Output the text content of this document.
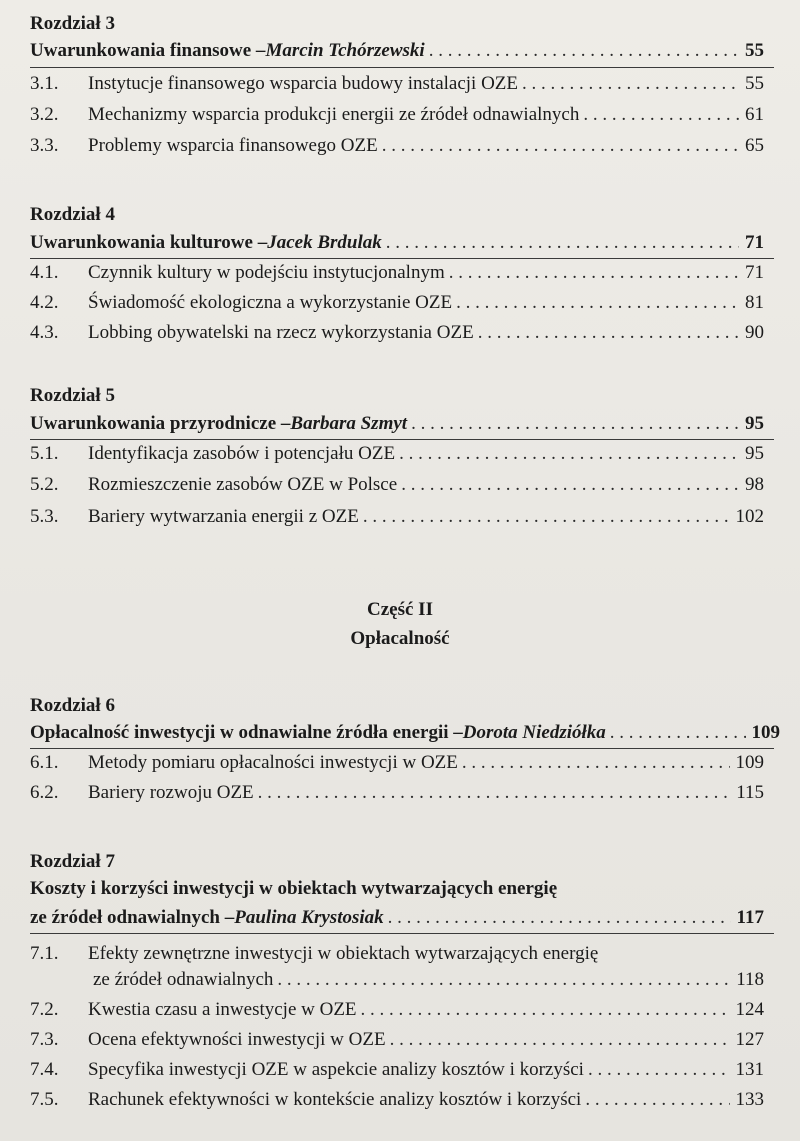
Rozdział 3
Uwarunkowania finansowe – Marcin Tchórzewski . . .	55
3.1. Instytucje finansowego wsparcia budowy instalacji OZE . . .	55
3.2. Mechanizmy wsparcia produkcji energii ze źródeł odnawialnych . . .	61
3.3. Problemy wsparcia finansowego OZE . . .	65
Rozdział 4
Uwarunkowania kulturowe – Jacek Brdulak . . .	71
4.1. Czynnik kultury w podejściu instytucjonalnym . . .	71
4.2. Świadomość ekologiczna a wykorzystanie OZE . . .	81
4.3. Lobbing obywatelski na rzecz wykorzystania OZE . . .	90
Rozdział 5
Uwarunkowania przyrodnicze – Barbara Szmyt . . .	95
5.1. Identyfikacja zasobów i potencjału OZE . . .	95
5.2. Rozmieszczenie zasobów OZE w Polsce . . .	98
5.3. Bariery wytwarzania energii z OZE . . .	102
Część II
Opłacalność
Rozdział 6
Opłacalność inwestycji w odnawialne źródła energii – Dorota Niedziółka . . .	109
6.1. Metody pomiaru opłacalności inwestycji w OZE . . .	109
6.2. Bariery rozwoju OZE . . .	115
Rozdział 7
Koszty i korzyści inwestycji w obiektach wytwarzających energię
ze źródeł odnawialnych – Paulina Krystosiak . . .	117
7.1. Efekty zewnętrzne inwestycji w obiektach wytwarzających energię
ze źródeł odnawialnych . . .	118
7.2. Kwestia czasu a inwestycje w OZE . . .	124
7.3. Ocena efektywności inwestycji w OZE . . .	127
7.4. Specyfika inwestycji OZE w aspekcie analizy kosztów i korzyści . . .	131
7.5. Rachunek efektywności w kontekście analizy kosztów i korzyści . . .	133
